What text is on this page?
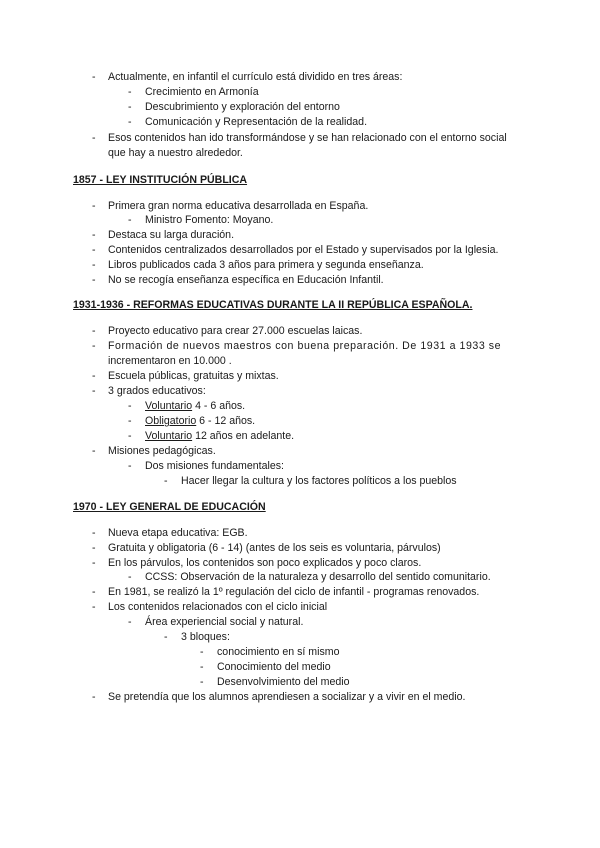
- Actualmente, en infantil el currículo está dividido en tres áreas:
- Crecimiento en Armonía
- Descubrimiento y exploración del entorno
- Comunicación y Representación de la realidad.
- Esos contenidos han ido transformándose y se han relacionado con el entorno social
que hay a nuestro alrededor.
1857 - LEY INSTITUCIÓN PÚBLICA
- Primera gran norma educativa desarrollada en España.
- Ministro Fomento: Moyano.
- Destaca su larga duración.
- Contenidos centralizados desarrollados por el Estado y supervisados por la Iglesia.
- Libros publicados cada 3 años para primera y segunda enseñanza.
- No se recogía enseñanza específica en Educación Infantil.
1931-1936 - REFORMAS EDUCATIVAS DURANTE LA II REPÚBLICA ESPAÑOLA.
- Proyecto educativo para crear 27.000 escuelas laicas.
- Formación de nuevos maestros con buena preparación. De 1931 a 1933 se
incrementaron en 10.000 .
- Escuela públicas, gratuitas y mixtas.
- 3 grados educativos:
- Voluntario 4 - 6 años.
- Obligatorio 6 - 12 años.
- Voluntario 12 años en adelante.
- Misiones pedagógicas.
- Dos misiones fundamentales:
- Hacer llegar la cultura y los factores políticos a los pueblos
1970 - LEY GENERAL DE EDUCACIÓN
- Nueva etapa educativa: EGB.
- Gratuita y obligatoria (6 - 14) (antes de los seis es voluntaria, párvulos)
- En los párvulos, los contenidos son poco explicados y poco claros.
- CCSS: Observación de la naturaleza y desarrollo del sentido comunitario.
- En 1981, se realizó la 1º regulación del ciclo de infantil - programas renovados.
- Los contenidos relacionados con el ciclo inicial
- Área experiencial social y natural.
- 3 bloques:
- conocimiento en sí mismo
- Conocimiento del medio
- Desenvolvimiento del medio
- Se pretendía que los alumnos aprendiesen a socializar y a vivir en el medio.
